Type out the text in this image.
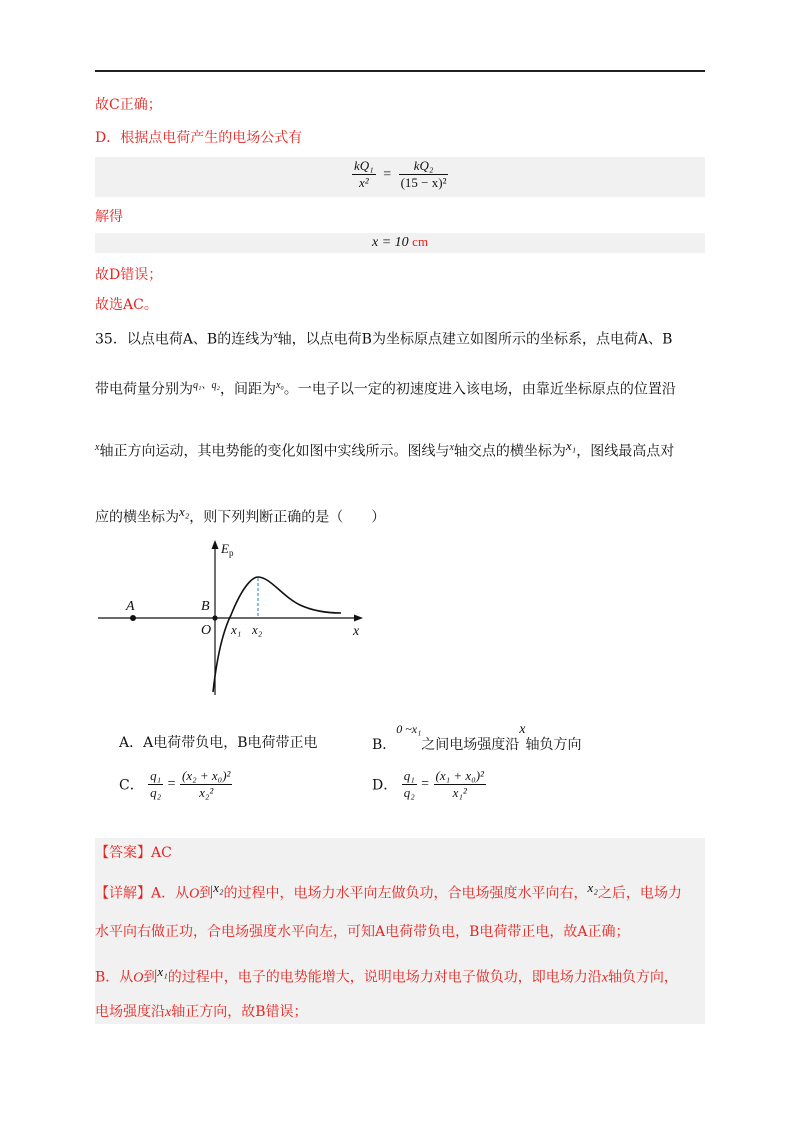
故C正确；
D．根据点电荷产生的电场公式有
$\frac{\text{kQ₁}}{\text{x²}} = \frac{\text{kQ₂}}{\text{(15 − x)²}}$
解得
x = 10 cm
故D错误；
故选AC。
35．以点电荷A、B的连线为$^x$轴，以点电荷B为坐标原点建立如图所示的坐标系，点电荷A、B
带电荷量分别为$^{q_1、q_2}$，间距为$^{x_0}$。一电子以一定的初速度进入该电场，由靠近坐标原点的位置沿
$^x$轴正方向运动，其电势能的变化如图中实线所示。图线与$^x$轴交点的横坐标为x₁，图线最高点对
应的横坐标为x₂，则下列判断正确的是（　　）
$E_p$
A	B
O x₁ x₂	x
A．A电荷带负电，B电荷带正电	B．0 ~x₁之间电场强度沿x轴负方向
C． $\frac{\text{q₁}}{\text{q₂}} = \frac{\text{(x₂ + x₀)²}}{\text{x₂²}}$	D． $\frac{\text{q₁}}{\text{q₂}} = \frac{\text{(x₁ + x₀)²}}{\text{x₁²}}$
【答案】AC
【详解】A．从O到x₂的过程中，电场力水平向左做负功，合电场强度水平向右，x₂之后，电场力
水平向右做正功，合电场强度水平向左，可知A电荷带负电，B电荷带正电，故A正确；
B．从O到x₁的过程中，电子的电势能增大，说明电场力对电子做负功，即电场力沿x轴负方向，
电场强度沿x轴正方向，故B错误；
